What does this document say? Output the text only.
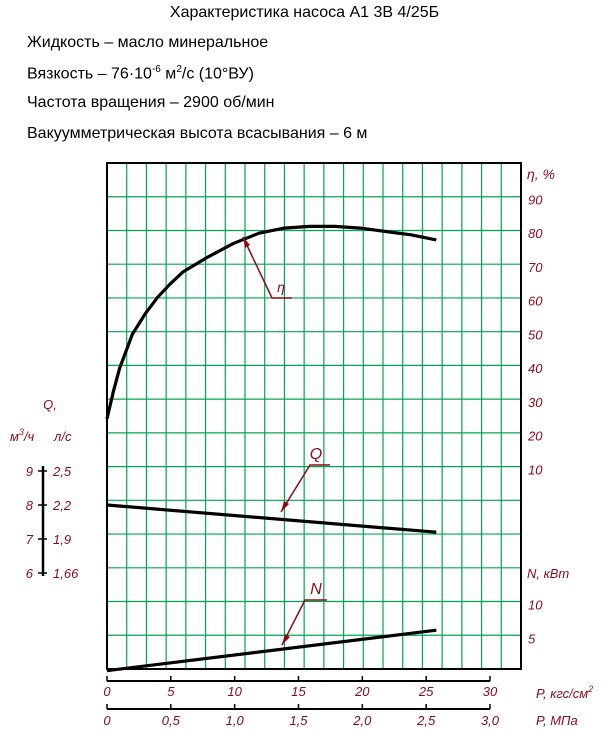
Характеристика насоса А1 3В 4/25Б
Жидкость – масло минеральное
Вязкость – $76\cdot 10^{-6}$ $м^2/с$ (10°ВУ)
Частота вращения – 2900 об/мин
Вакуумметрическая высота всасывания – 6 м
η
Q
N
η, %
10
20
30
40
50
60
70
80
90
N, кВт
5
10
0	5	10	15	20	25	30	P, кгс/$см^2$
0	0,5	1,0	1,5	2,0	2,5	3,0	P, МПа
Q,
$м^3/ч$ л/с
9 2,5
8 2,2
7 1,9
6 1,66
